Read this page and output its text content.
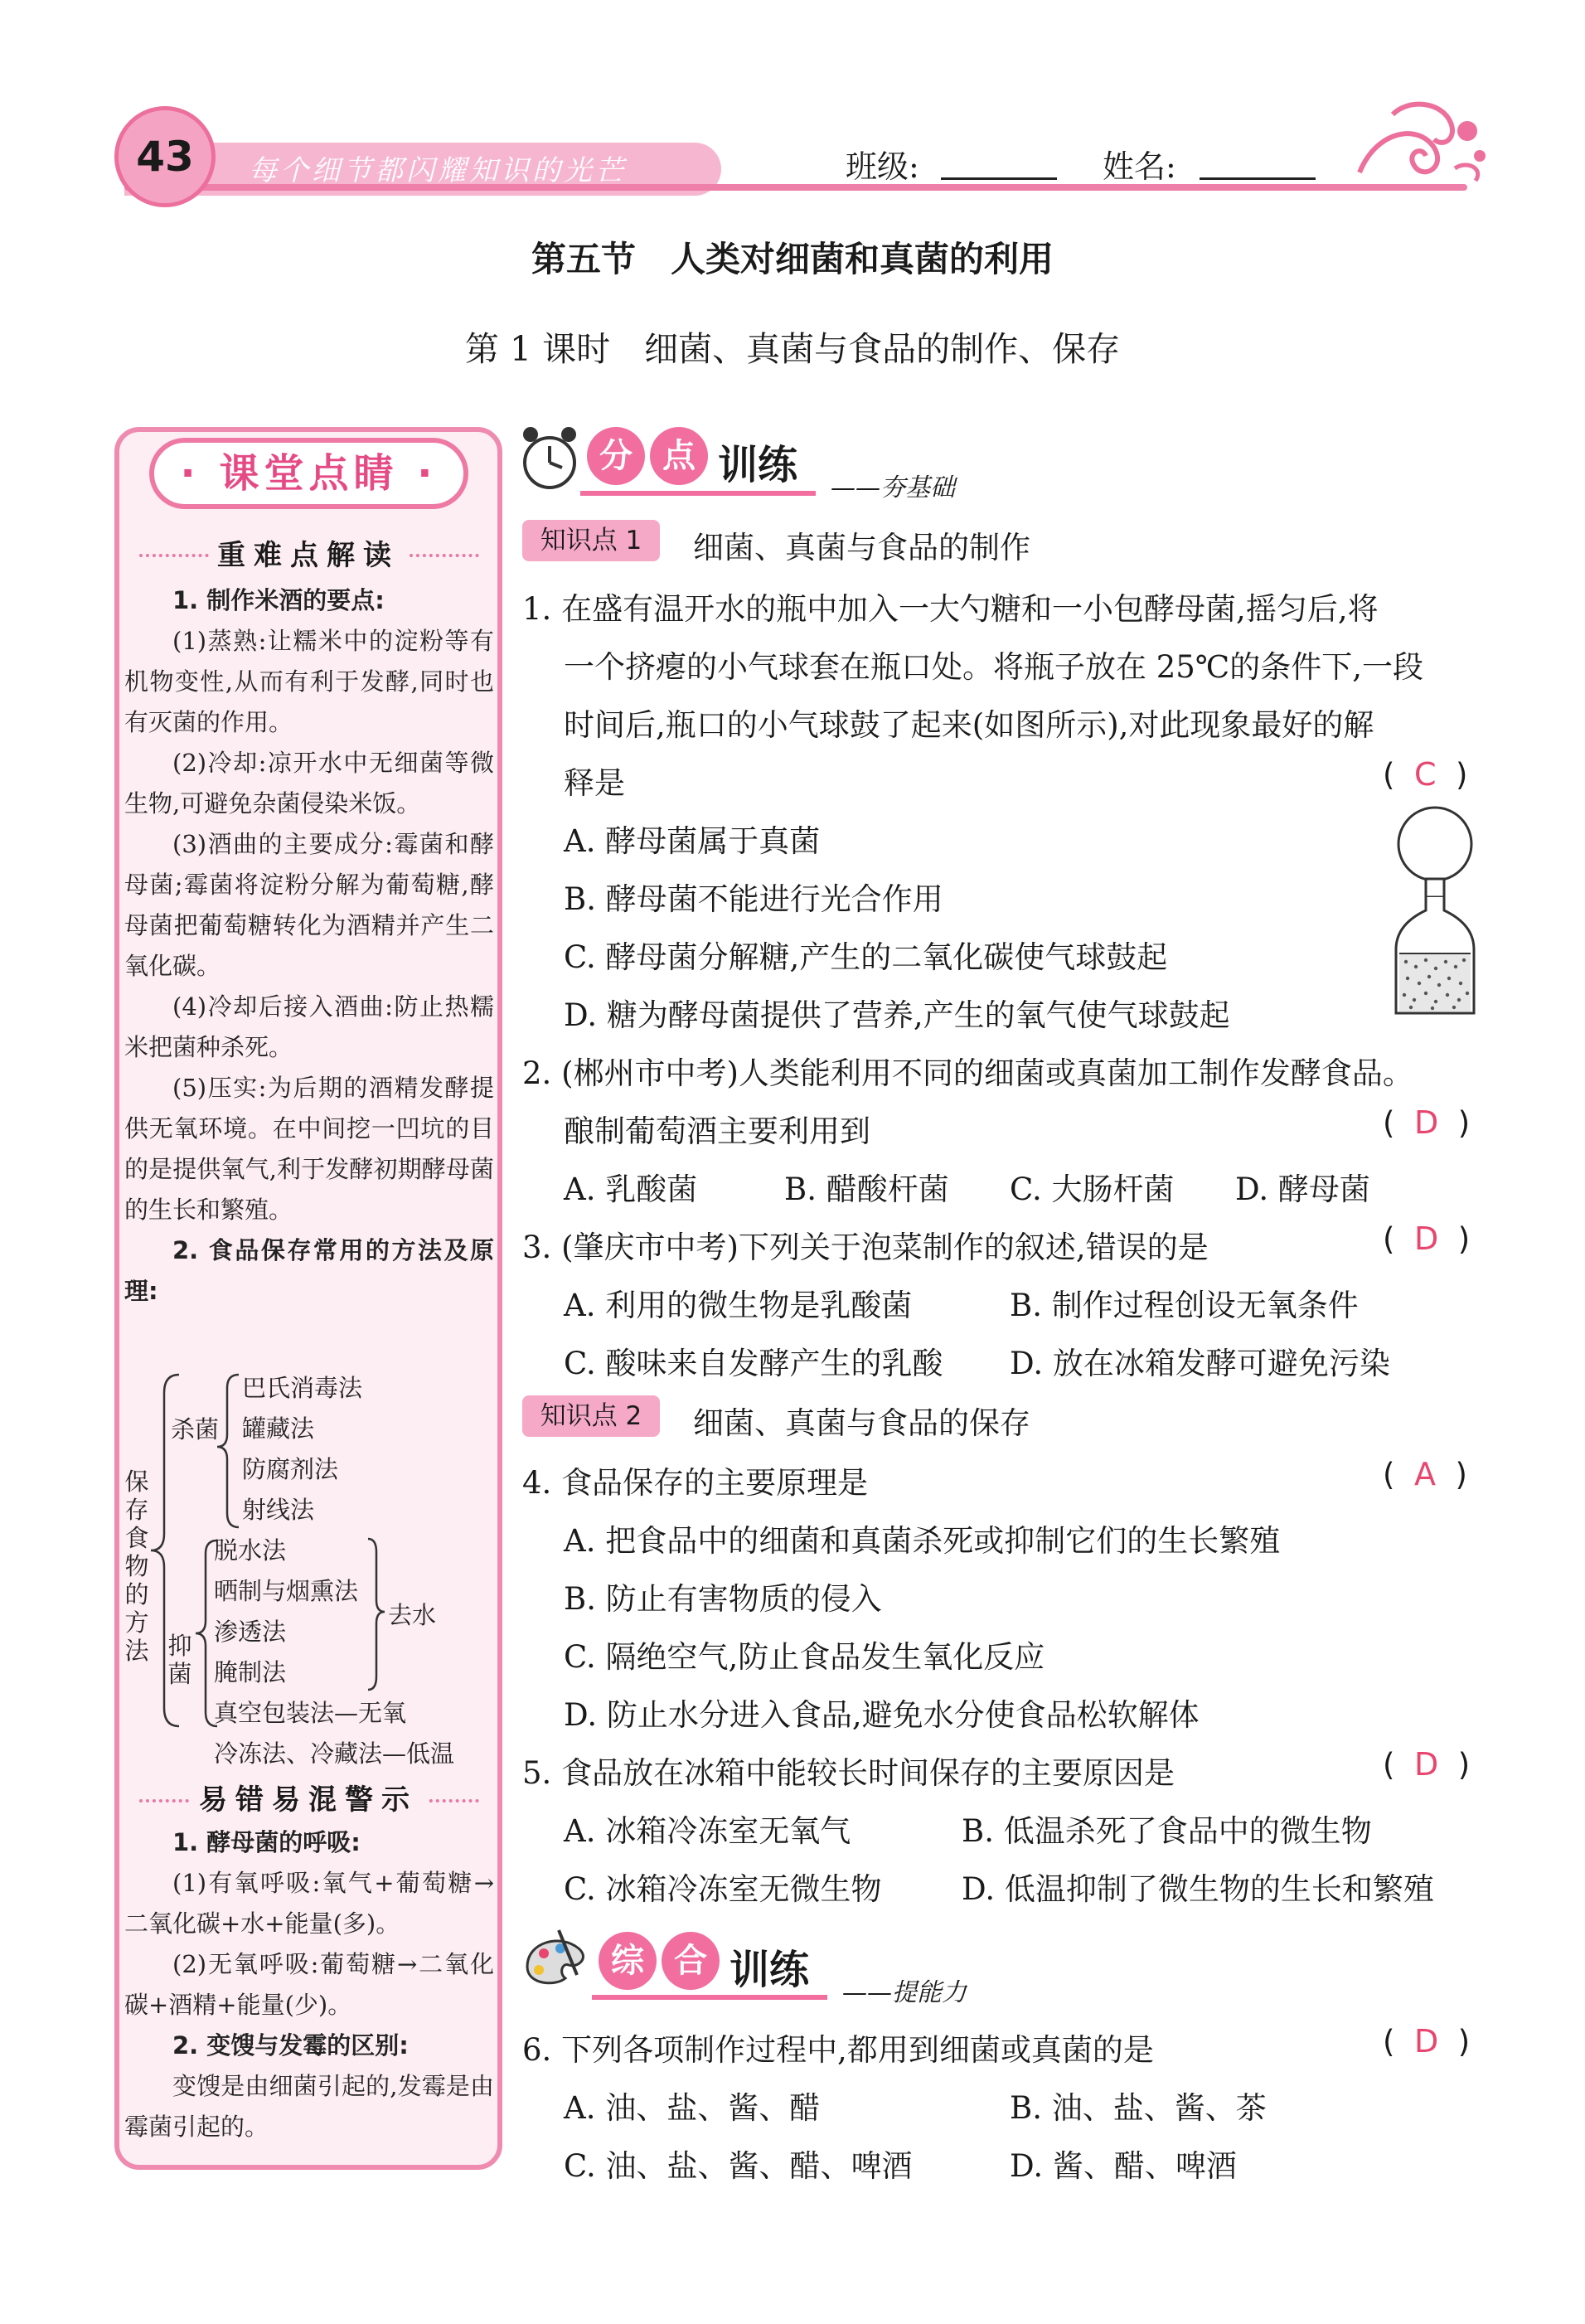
43	每个细节都闪耀知识的光芒	班级:	姓名:
第五节　人类对细菌和真菌的利用
第 1 课时　细菌、真菌与食品的制作、保存
· 课堂点睛 ·
重难点解读

1. 制作米酒的要点:

(1)蒸熟:让糯米中的淀粉等有机物变性,从而有利于发酵,同时也有灭菌的作用。

(2)冷却:凉开水中无细菌等微生物,可避免杂菌侵染米饭。

(3)酒曲的主要成分:霉菌和酵母菌;霉菌将淀粉分解为葡萄糖,酵母菌把葡萄糖转化为酒精并产生二氧化碳。

(4)冷却后接入酒曲:防止热糯米把菌种杀死。

(5)压实:为后期的酒精发酵提供无氧环境。在中间挖一凹坑的目的是提供氧气,利于发酵初期酵母菌的生长和繁殖。

2. 食品保存常用的方法及原理:

保存食物的方法
杀菌
巴氏消毒法
罐藏法
防腐剂法
射线法
抑菌
脱水法
晒制与烟熏法
渗透法
腌制法
真空包装法—无氧
冷冻法、冷藏法—低温
去水
易错易混警示

1. 酵母菌的呼吸:

(1)有氧呼吸:氧气+葡萄糖→二氧化碳+水+能量(多)。

(2)无氧呼吸:葡萄糖→二氧化碳+酒精+能量(少)。

2. 变馊与发霉的区别:

变馊是由细菌引起的,发霉是由霉菌引起的。

分 点 训练 ——夯基础
知识点 1	细菌、真菌与食品的制作
1. 在盛有温开水的瓶中加入一大勺糖和一小包酵母菌,摇匀后,将
一个挤瘪的小气球套在瓶口处。将瓶子放在 25℃的条件下,一段
时间后,瓶口的小气球鼓了起来(如图所示),对此现象最好的解
释是	(  C  )
A. 酵母菌属于真菌
B. 酵母菌不能进行光合作用
C. 酵母菌分解糖,产生的二氧化碳使气球鼓起
D. 糖为酵母菌提供了营养,产生的氧气使气球鼓起
2. (郴州市中考)人类能利用不同的细菌或真菌加工制作发酵食品。
酿制葡萄酒主要利用到	(  D  )
A. 乳酸菌	B. 醋酸杆菌 C. 大肠杆菌 D. 酵母菌
3. (肇庆市中考)下列关于泡菜制作的叙述,错误的是	(  D  )
A. 利用的微生物是乳酸菌	B. 制作过程创设无氧条件
C. 酸味来自发酵产生的乳酸 D. 放在冰箱发酵可避免污染
知识点 2	细菌、真菌与食品的保存
4. 食品保存的主要原理是	(  A  )
A. 把食品中的细菌和真菌杀死或抑制它们的生长繁殖
B. 防止有害物质的侵入
C. 隔绝空气,防止食品发生氧化反应
D. 防止水分进入食品,避免水分使食品松软解体
5. 食品放在冰箱中能较长时间保存的主要原因是	(  D  )
A. 冰箱冷冻室无氧气	B. 低温杀死了食品中的微生物
C. 冰箱冷冻室无微生物	D. 低温抑制了微生物的生长和繁殖
综 合 训练 ——提能力
6. 下列各项制作过程中,都用到细菌或真菌的是	(  D  )
A. 油、盐、酱、醋	B. 油、盐、酱、茶
C. 油、盐、酱、醋、啤酒	D. 酱、醋、啤酒
